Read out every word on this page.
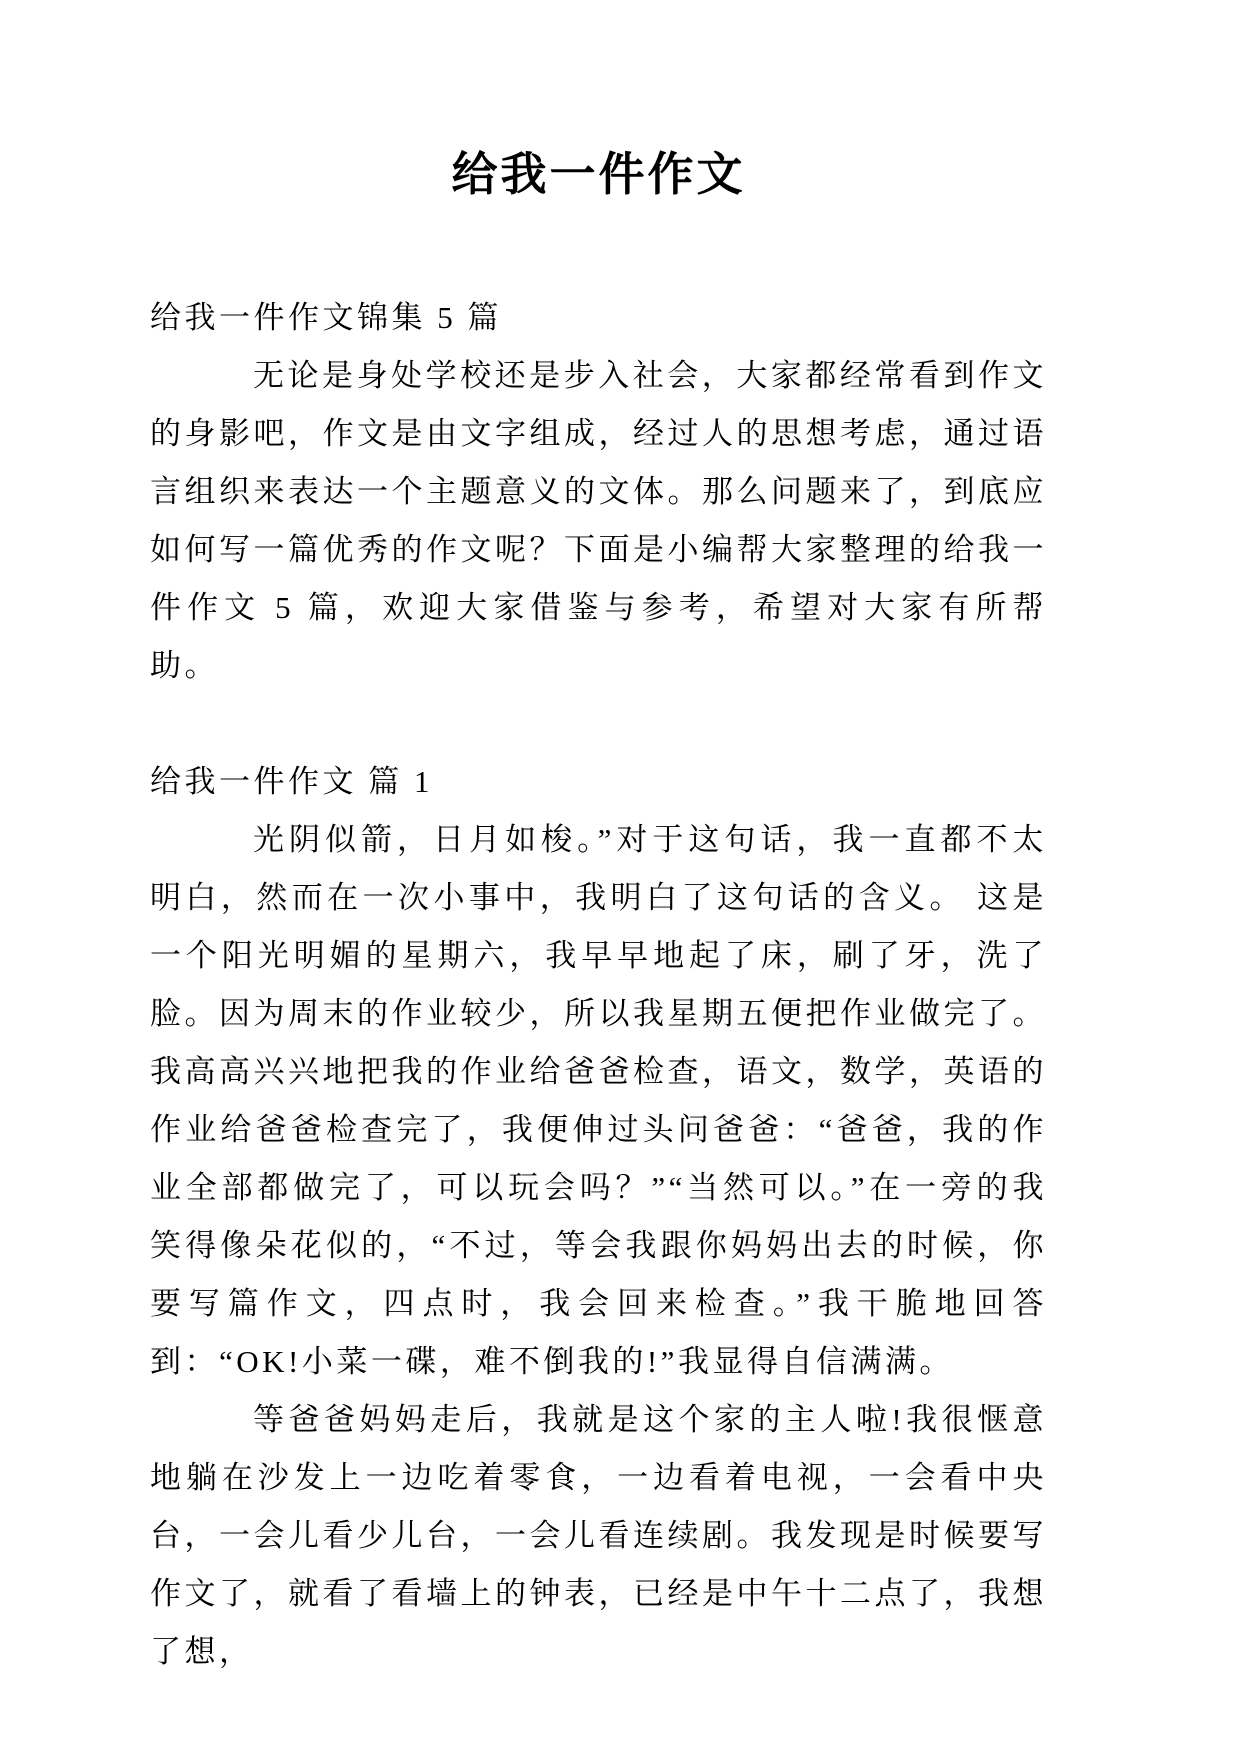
给我一件作文

给我一件作文锦集 5 篇

无论是身处学校还是步入社会，大家都经常看到作文的身影吧，作文是由文字组成，经过人的思想考虑，通过语言组织来表达一个主题意义的文体。那么问题来了，到底应如何写一篇优秀的作文呢？下面是小编帮大家整理的给我一件作文 5 篇，欢迎大家借鉴与参考，希望对大家有所帮助。

给我一件作文 篇 1

光阴似箭，日月如梭。”对于这句话，我一直都不太明白，然而在一次小事中，我明白了这句话的含义。 这是一个阳光明媚的星期六，我早早地起了床，刷了牙，洗了脸。因为周末的作业较少，所以我星期五便把作业做完了。我高高兴兴地把我的作业给爸爸检查，语文，数学，英语的作业给爸爸检查完了，我便伸过头问爸爸：“爸爸，我的作业全部都做完了，可以玩会吗？”“当然可以。”在一旁的我笑得像朵花似的，“不过，等会我跟你妈妈出去的时候，你要写篇作文，四点时，我会回来检查。”我干脆地回答到：“OK!小菜一碟，难不倒我的!”我显得自信满满。

等爸爸妈妈走后，我就是这个家的主人啦!我很惬意地躺在沙发上一边吃着零食，一边看着电视，一会看中央台，一会儿看少儿台，一会儿看连续剧。我发现是时候要写作文了，就看了看墙上的钟表，已经是中午十二点了，我想了想，
